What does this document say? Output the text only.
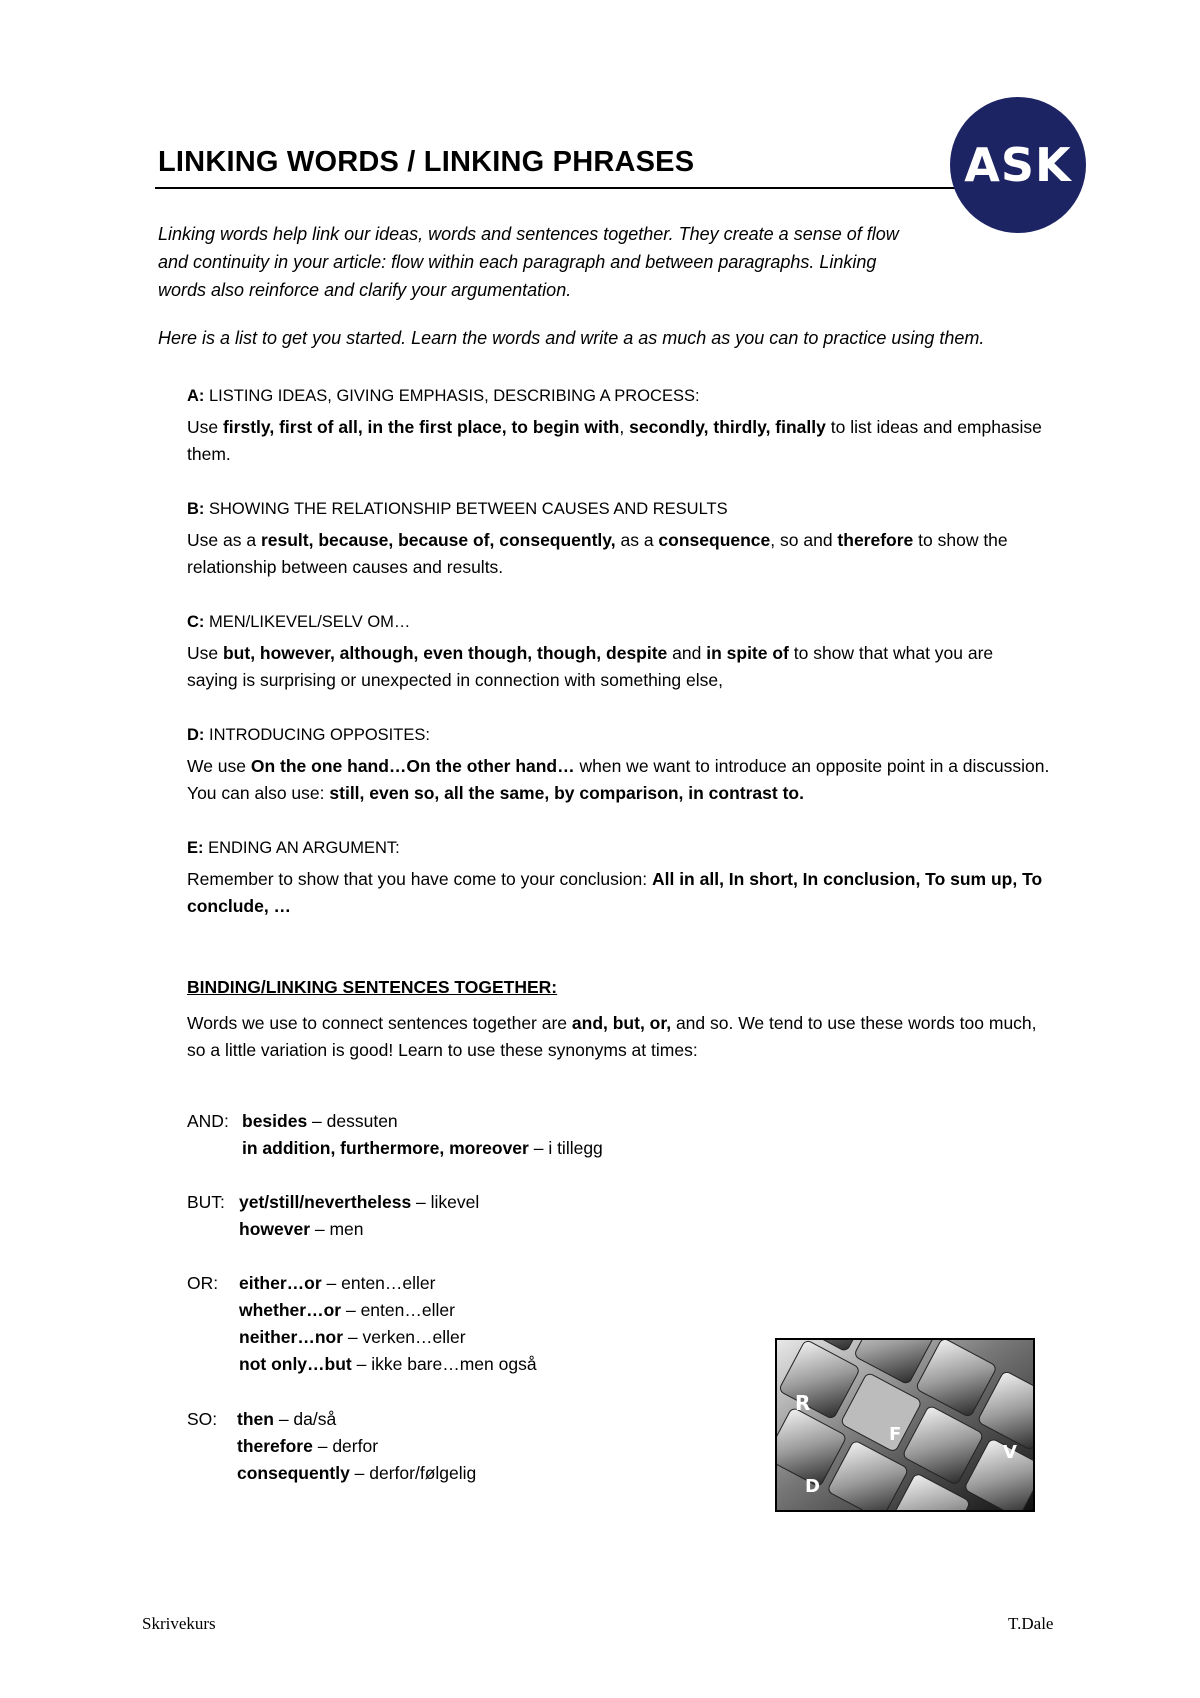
LINKING WORDS / LINKING PHRASES	ASK
Linking words help link our ideas, words and sentences together. They create a sense of flow and continuity in your article: flow within each paragraph and between paragraphs. Linking words also reinforce and clarify your argumentation.
Here is a list to get you started. Learn the words and write a as much as you can to practice using them.
A: LISTING IDEAS, GIVING EMPHASIS, DESCRIBING A PROCESS:

Use firstly, first of all, in the first place, to begin with, secondly, thirdly, finally to list ideas and emphasise them.

B: SHOWING THE RELATIONSHIP BETWEEN CAUSES AND RESULTS

Use as a result, because, because of, consequently, as a consequence, so and therefore to show the relationship between causes and results.

C: MEN/LIKEVEL/SELV OM…

Use but, however, although, even though, though, despite and in spite of to show that what you are saying is surprising or unexpected in connection with something else,

D: INTRODUCING OPPOSITES:

We use On the one hand…On the other hand… when we want to introduce an opposite point in a discussion. You can also use: still, even so, all the same, by comparison, in contrast to.

E: ENDING AN ARGUMENT:

Remember to show that you have come to your conclusion: All in all, In short, In conclusion, To sum up, To conclude, …

BINDING/LINKING SENTENCES TOGETHER:
Words we use to connect sentences together are and, but, or, and so. We tend to use these words too much, so a little variation is good! Learn to use these synonyms at times:
AND: besides – dessuten
in addition, furthermore, moreover – i tillegg
BUT: yet/still/nevertheless – likevel
however – men
OR:	either…or – enten…eller
whether…or – enten…eller
neither…nor – verken…eller
not only…but – ikke bare…men også
SO:	then – da/så
therefore – derfor
consequently – derfor/følgelig
R
F
V
D
Skrivekurs	T.Dale
